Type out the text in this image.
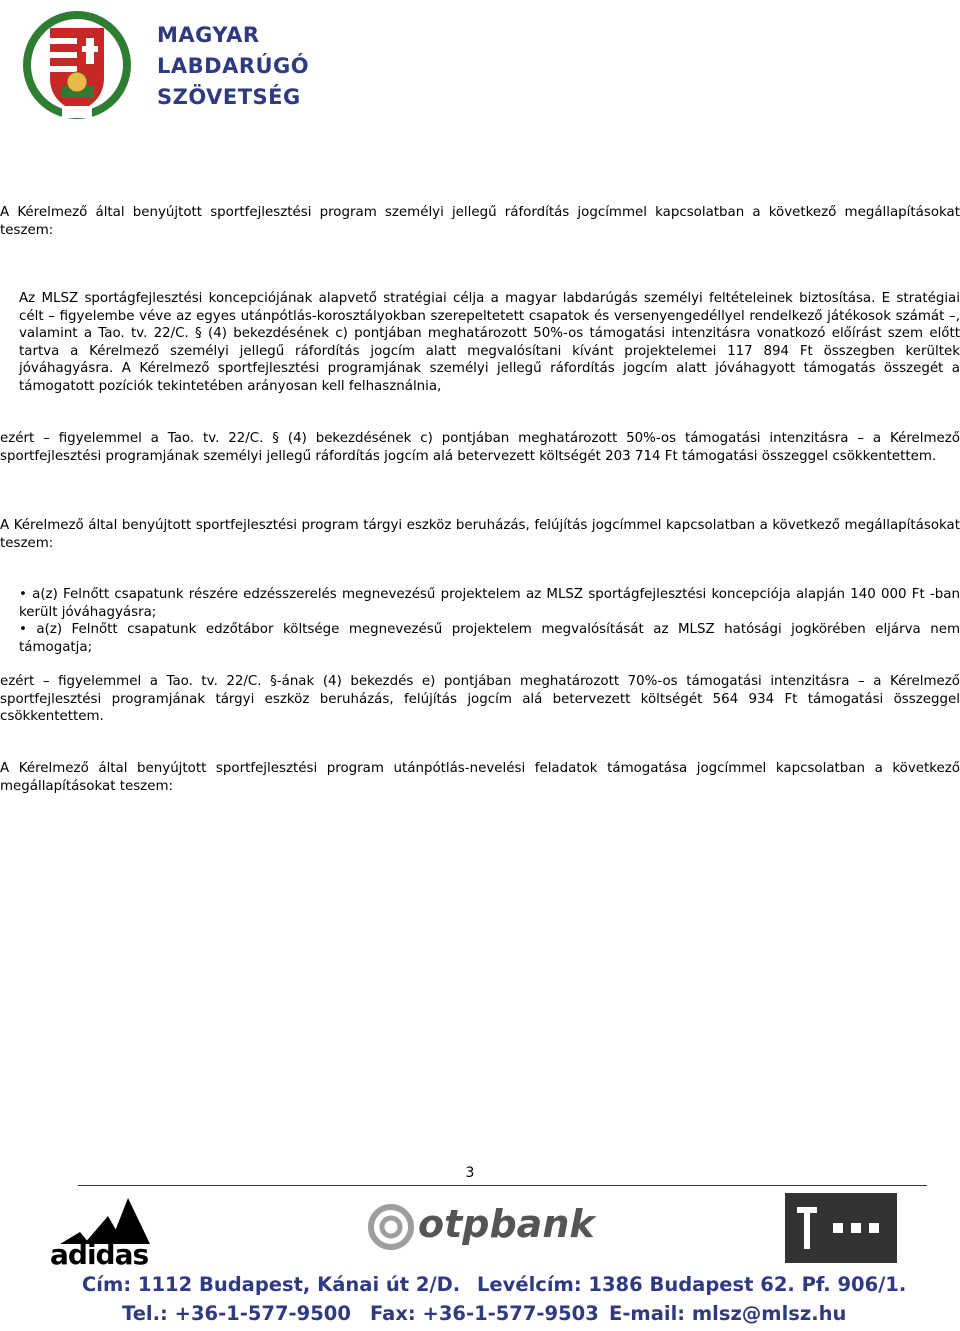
MAGYAR
LABDARÚGÓ
SZÖVETSÉG

A Kérelmező által benyújtott sportfejlesztési program személyi jellegű ráfordítás jogcímmel kapcsolatban a következő megállapításokat teszem:

Az MLSZ sportágfejlesztési koncepciójának alapvető stratégiai célja a magyar labdarúgás személyi feltételeinek biztosítása. E stratégiai célt – figyelembe véve az egyes utánpótlás-korosztályokban szerepeltetett csapatok és versenyengedéllyel rendelkező játékosok számát –, valamint a Tao. tv. 22/C. § (4) bekezdésének c) pontjában meghatározott 50%-os támogatási intenzitásra vonatkozó előírást szem előtt tartva a Kérelmező személyi jellegű ráfordítás jogcím alatt megvalósítani kívánt projektelemei 117 894 Ft összegben kerültek jóváhagyásra. A Kérelmező sportfejlesztési programjának személyi jellegű ráfordítás jogcím alatt jóváhagyott támogatás összegét a támogatott pozíciók tekintetében arányosan kell felhasználnia,

ezért – figyelemmel a Tao. tv. 22/C. § (4) bekezdésének c) pontjában meghatározott 50%-os támogatási intenzitásra – a Kérelmező sportfejlesztési programjának személyi jellegű ráfordítás jogcím alá betervezett költségét 203 714 Ft támogatási összeggel csökkentettem.

A Kérelmező által benyújtott sportfejlesztési program tárgyi eszköz beruházás, felújítás jogcímmel kapcsolatban a következő megállapításokat teszem:

• a(z) Felnőtt csapatunk részére edzésszerelés megnevezésű projektelem az MLSZ sportágfejlesztési koncepciója alapján 140 000 Ft -ban került jóváhagyásra;

• a(z) Felnőtt csapatunk edzőtábor költsége megnevezésű projektelem megvalósítását az MLSZ hatósági jogkörében eljárva nem támogatja;

ezért – figyelemmel a Tao. tv. 22/C. §-ának (4) bekezdés e) pontjában meghatározott 70%-os támogatási intenzitásra – a Kérelmező sportfejlesztési programjának tárgyi eszköz beruházás, felújítás jogcím alá betervezett költségét 564 934 Ft támogatási összeggel csökkentettem.

A Kérelmező által benyújtott sportfejlesztési program utánpótlás-nevelési feladatok támogatása jogcímmel kapcsolatban a következő megállapításokat teszem:

3
adidas
otpbank
Cím: 1112 Budapest, Kánai út 2/D. Levélcím: 1386 Budapest 62. Pf. 906/1.
Tel.: +36-1-577-9500 Fax: +36-1-577-9503 E-mail: mlsz@mlsz.hu
